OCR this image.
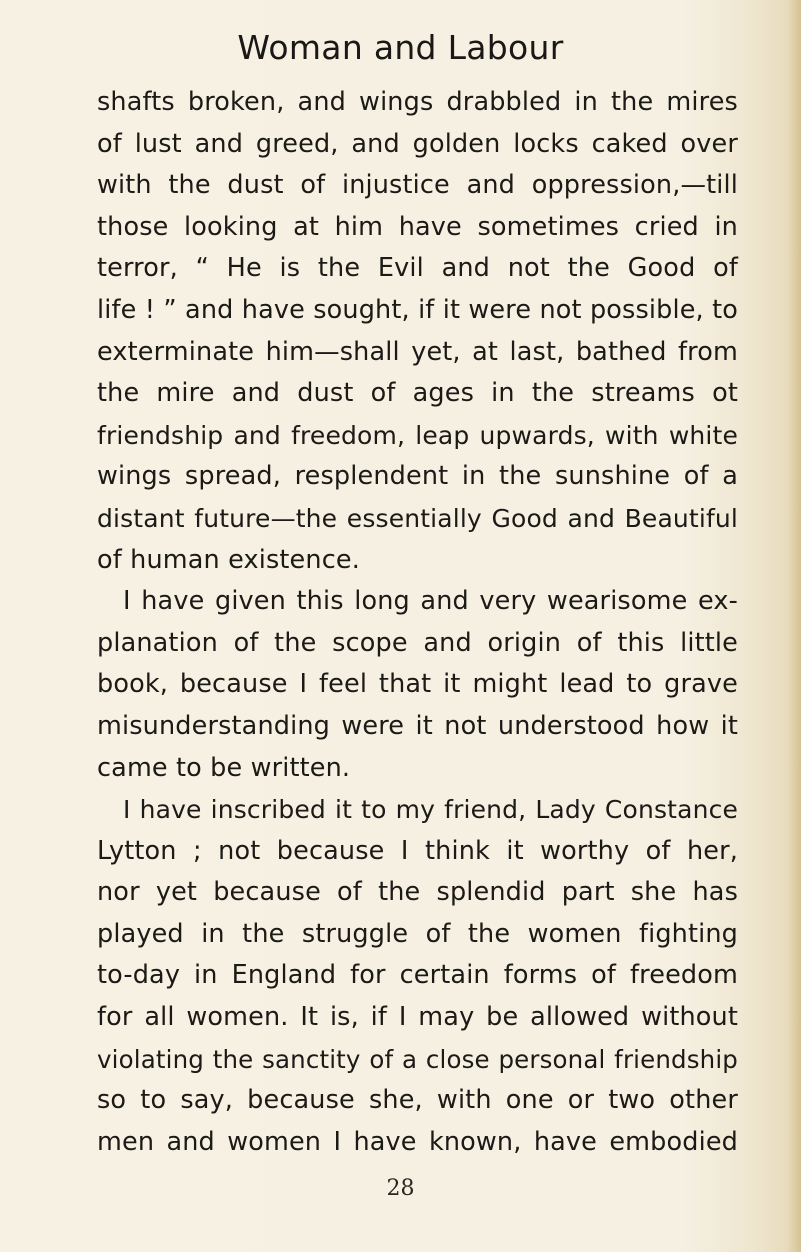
Woman and Labour
shafts broken, and wings drabbled in the mires
of lust and greed, and golden locks caked over
with the dust of injustice and oppression,—till
those looking at him have sometimes cried in
terror, “ He is the Evil and not the Good of
life ! ” and have sought, if it were not possible, to
exterminate him—shall yet, at last, bathed from
the mire and dust of ages in the streams ot
friendship and freedom, leap upwards, with white
wings spread, resplendent in the sunshine of a
distant future—the essentially Good and Beautiful
of human existence.
I have given this long and very wearisome ex-
planation of the scope and origin of this little
book, because I feel that it might lead to grave
misunderstanding were it not understood how it
came to be written.
I have inscribed it to my friend, Lady Constance
Lytton ; not because I think it worthy of her,
nor yet because of the splendid part she has
played in the struggle of the women fighting
to-day in England for certain forms of freedom
for all women. It is, if I may be allowed without
violating the sanctity of a close personal friendship
so to say, because she, with one or two other
men and women I have known, have embodied
28
